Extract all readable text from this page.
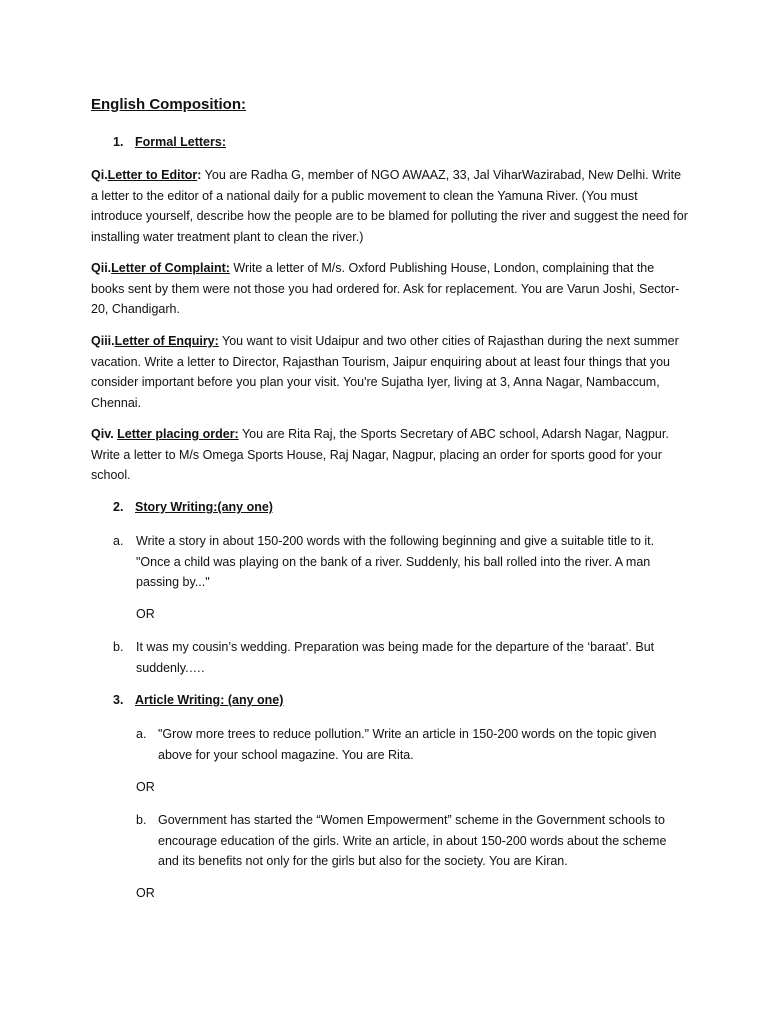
English Composition:
1. Formal Letters:
Qi.Letter to Editor: You are Radha G, member of NGO AWAAZ, 33, Jal ViharWazirabad, New Delhi. Write a letter to the editor of a national daily for a public movement to clean the Yamuna River. (You must introduce yourself, describe how the people are to be blamed for polluting the river and suggest the need for installing water treatment plant to clean the river.)
Qii.Letter of Complaint: Write a letter of M/s. Oxford Publishing House, London, complaining that the books sent by them were not those you had ordered for. Ask for replacement. You are Varun Joshi, Sector-20, Chandigarh.
Qiii.Letter of Enquiry: You want to visit Udaipur and two other cities of Rajasthan during the next summer vacation. Write a letter to Director, Rajasthan Tourism, Jaipur enquiring about at least four things that you consider important before you plan your visit. You're Sujatha Iyer, living at 3, Anna Nagar, Nambaccum, Chennai.
Qiv. Letter placing order: You are Rita Raj, the Sports Secretary of ABC school, Adarsh Nagar, Nagpur. Write a letter to M/s Omega Sports House, Raj Nagar, Nagpur, placing an order for sports good for your school.
2. Story Writing:(any one)
a. Write a story in about 150-200 words with the following beginning and give a suitable title to it. "Once a child was playing on the bank of a river. Suddenly, his ball rolled into the river. A man passing by..."
OR
b. It was my cousin’s wedding. Preparation was being made for the departure of the ‘baraat’. But suddenly.….
3. Article Writing: (any one)
a. "Grow more trees to reduce pollution." Write an article in 150-200 words on the topic given above for your school magazine. You are Rita.
OR
b. Government has started the “Women Empowerment” scheme in the Government schools to encourage education of the girls. Write an article, in about 150-200 words about the scheme and its benefits not only for the girls but also for the society. You are Kiran.
OR
